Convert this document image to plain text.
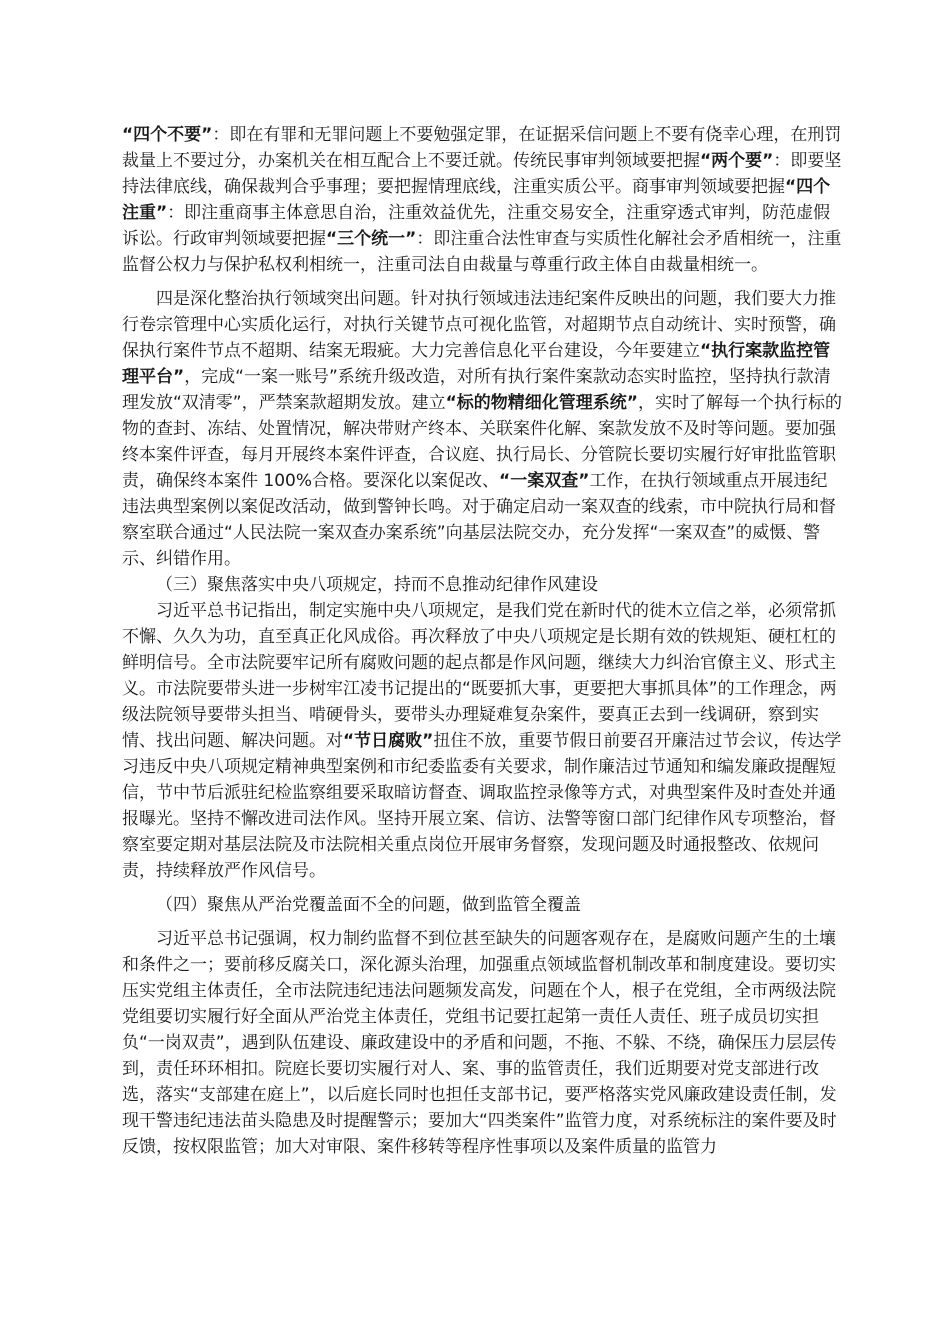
“四个不要”：即在有罪和无罪问题上不要勉强定罪，在证据采信问题上不要有侥幸心理，在刑罚裁量上不要过分，办案机关在相互配合上不要迁就。传统民事审判领域要把握“两个要”：即要坚持法律底线，确保裁判合乎事理；要把握情理底线，注重实质公平。商事审判领域要把握“四个注重”：即注重商事主体意思自治，注重效益优先，注重交易安全，注重穿透式审判，防范虚假诉讼。行政审判领域要把握“三个统一”：即注重合法性审查与实质性化解社会矛盾相统一，注重监督公权力与保护私权利相统一，注重司法自由裁量与尊重行政主体自由裁量相统一。

四是深化整治执行领域突出问题。针对执行领域违法违纪案件反映出的问题，我们要大力推行卷宗管理中心实质化运行，对执行关键节点可视化监管，对超期节点自动统计、实时预警，确保执行案件节点不超期、结案无瑕疵。大力完善信息化平台建设，今年要建立“执行案款监控管理平台”，完成“一案一账号”系统升级改造，对所有执行案件案款动态实时监控，坚持执行款清理发放“双清零”，严禁案款超期发放。建立“标的物精细化管理系统”，实时了解每一个执行标的物的查封、冻结、处置情况，解决带财产终本、关联案件化解、案款发放不及时等问题。要加强终本案件评查，每月开展终本案件评查，合议庭、执行局长、分管院长要切实履行好审批监管职责，确保终本案件 100%合格。要深化以案促改、“一案双查”工作，在执行领域重点开展违纪违法典型案例以案促改活动，做到警钟长鸣。对于确定启动一案双查的线索，市中院执行局和督察室联合通过“人民法院一案双查办案系统”向基层法院交办，充分发挥“一案双查”的威慑、警示、纠错作用。

（三）聚焦落实中央八项规定，持而不息推动纪律作风建设

习近平总书记指出，制定实施中央八项规定，是我们党在新时代的徙木立信之举，必须常抓不懈、久久为功，直至真正化风成俗。再次释放了中央八项规定是长期有效的铁规矩、硬杠杠的鲜明信号。全市法院要牢记所有腐败问题的起点都是作风问题，继续大力纠治官僚主义、形式主义。市法院要带头进一步树牢江凌书记提出的“既要抓大事，更要把大事抓具体”的工作理念，两级法院领导要带头担当、啃硬骨头，要带头办理疑难复杂案件，要真正去到一线调研，察到实情、找出问题、解决问题。对“节日腐败”扭住不放，重要节假日前要召开廉洁过节会议，传达学习违反中央八项规定精神典型案例和市纪委监委有关要求，制作廉洁过节通知和编发廉政提醒短信，节中节后派驻纪检监察组要采取暗访督查、调取监控录像等方式，对典型案件及时查处并通报曝光。坚持不懈改进司法作风。坚持开展立案、信访、法警等窗口部门纪律作风专项整治，督察室要定期对基层法院及市法院相关重点岗位开展审务督察，发现问题及时通报整改、依规问责，持续释放严作风信号。

（四）聚焦从严治党覆盖面不全的问题，做到监管全覆盖

习近平总书记强调，权力制约监督不到位甚至缺失的问题客观存在，是腐败问题产生的土壤和条件之一；要前移反腐关口，深化源头治理，加强重点领域监督机制改革和制度建设。要切实压实党组主体责任，全市法院违纪违法问题频发高发，问题在个人，根子在党组，全市两级法院党组要切实履行好全面从严治党主体责任，党组书记要扛起第一责任人责任、班子成员切实担负“一岗双责”，遇到队伍建设、廉政建设中的矛盾和问题，不拖、不躲、不绕，确保压力层层传到，责任环环相扣。院庭长要切实履行对人、案、事的监管责任，我们近期要对党支部进行改选，落实“支部建在庭上”，以后庭长同时也担任支部书记，要严格落实党风廉政建设责任制，发现干警违纪违法苗头隐患及时提醒警示；要加大“四类案件”监管力度，对系统标注的案件要及时反馈，按权限监管；加大对审限、案件移转等程序性事项以及案件质量的监管力
